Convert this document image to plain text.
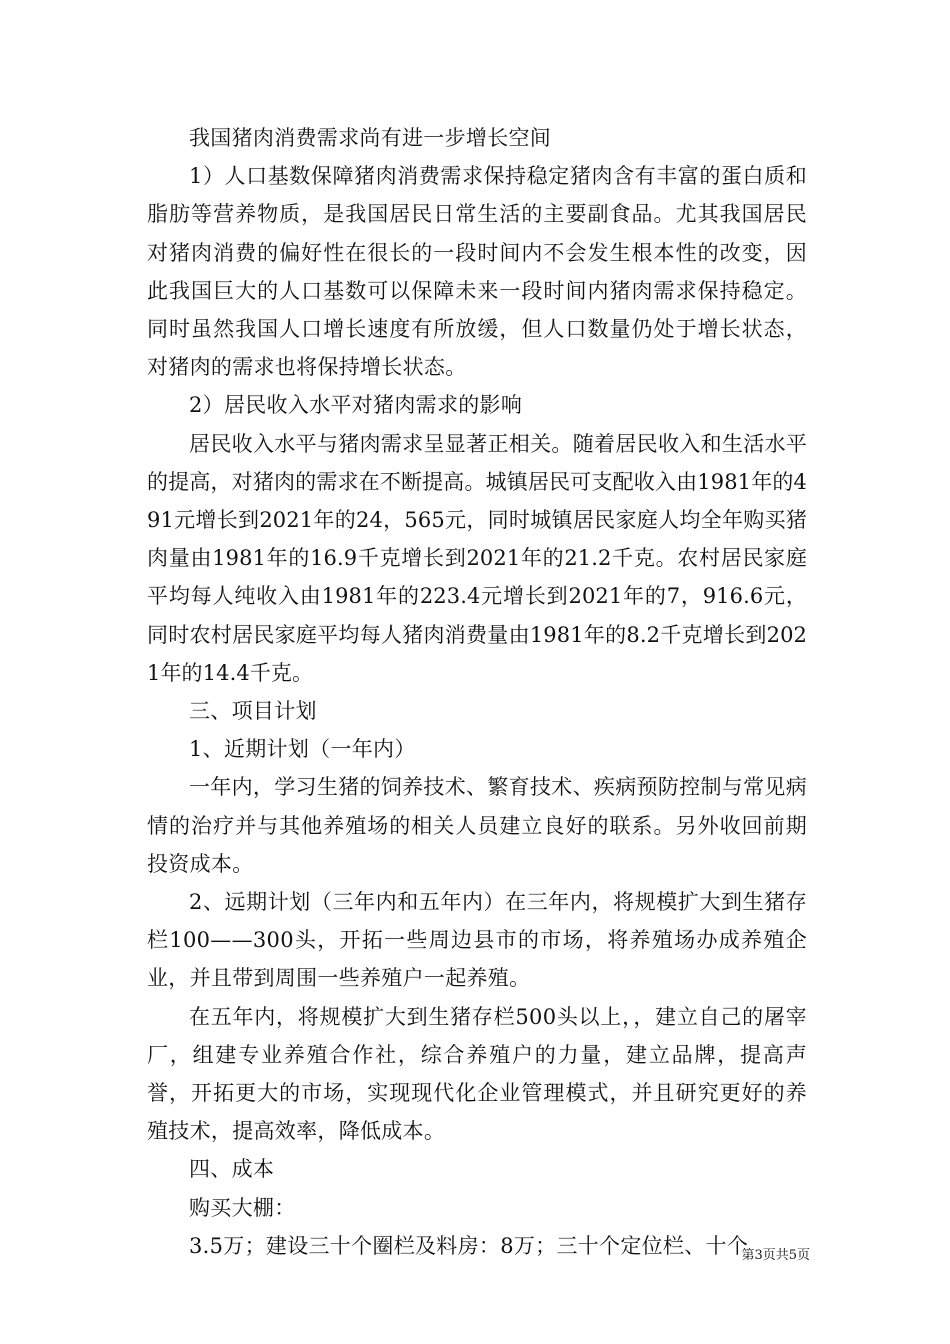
我国猪肉消费需求尚有进一步增长空间

1）人口基数保障猪肉消费需求保持稳定猪肉含有丰富的蛋白质和脂肪等营养物质，是我国居民日常生活的主要副食品。尤其我国居民对猪肉消费的偏好性在很长的一段时间内不会发生根本性的改变，因此我国巨大的人口基数可以保障未来一段时间内猪肉需求保持稳定。同时虽然我国人口增长速度有所放缓，但人口数量仍处于增长状态，对猪肉的需求也将保持增长状态。

2）居民收入水平对猪肉需求的影响

居民收入水平与猪肉需求呈显著正相关。随着居民收入和生活水平的提高，对猪肉的需求在不断提高。城镇居民可支配收入由1981年的491元增长到2021年的24，565元，同时城镇居民家庭人均全年购买猪肉量由1981年的16.9千克增长到2021年的21.2千克。农村居民家庭平均每人纯收入由1981年的223.4元增长到2021年的7，916.6元，同时农村居民家庭平均每人猪肉消费量由1981年的8.2千克增长到2021年的14.4千克。

三、项目计划

1、近期计划（一年内）

一年内，学习生猪的饲养技术、繁育技术、疾病预防控制与常见病情的治疗并与其他养殖场的相关人员建立良好的联系。另外收回前期投资成本。

2、远期计划（三年内和五年内）在三年内，将规模扩大到生猪存栏100——300头，开拓一些周边县市的市场，将养殖场办成养殖企业，并且带到周围一些养殖户一起养殖。

在五年内，将规模扩大到生猪存栏500头以上，，建立自己的屠宰厂，组建专业养殖合作社，综合养殖户的力量，建立品牌，提高声誉，开拓更大的市场，实现现代化企业管理模式，并且研究更好的养殖技术，提高效率，降低成本。

四、成本

购买大棚：

3.5万；建设三十个圈栏及料房：8万；三十个定位栏、十个

第3页共5页
